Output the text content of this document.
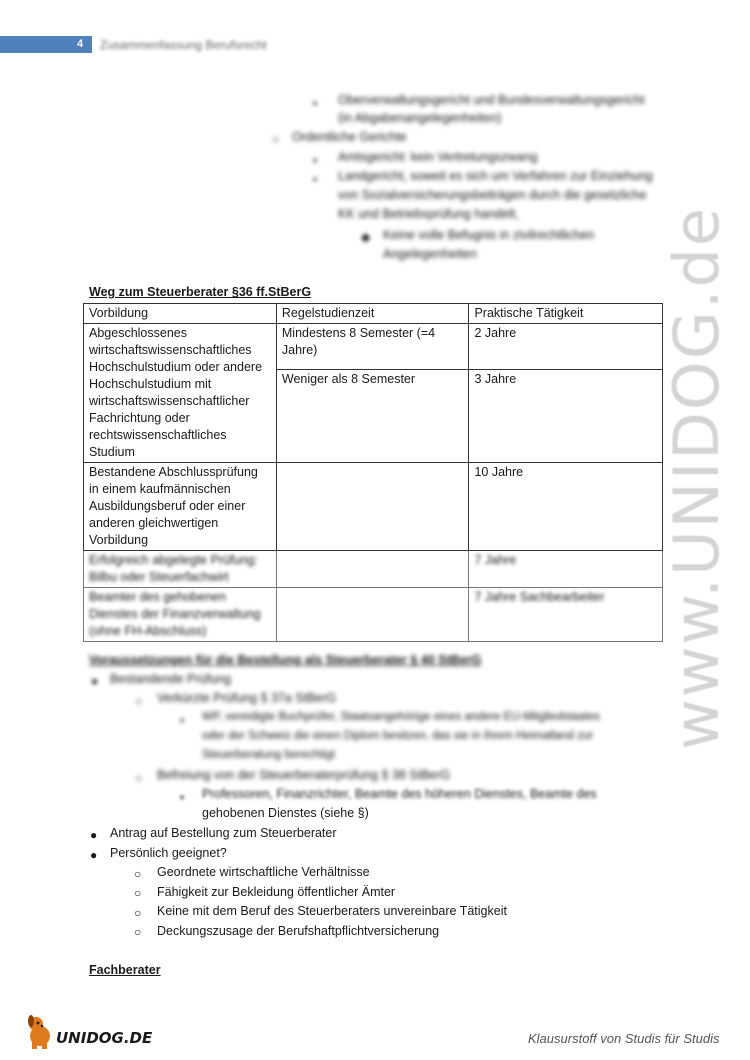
4	Zusammenfassung Berufsrecht
www.UNIDOG.de
▪ Oberverwaltungsgericht und Bundesverwaltungsgericht
(in Abgabenangelegenheiten)
○ Ordentliche Gerichte
▪ Amtsgericht: kein Vertretungszwang
▪ Landgericht, soweit es sich um Verfahren zur Einziehung
von Sozialversicherungsbeiträgen durch die gesetzliche
KK und Betriebsprüfung handelt,
◆ Keine volle Befugnis in zivilrechtlichen
Angelegenheiten
Weg zum Steuerberater §36 ff.StBerG
Vorbildung	Regelstudienzeit	Praktische Tätigkeit
Abgeschlossenes wirtschaftswissenschaftliches Hochschulstudium oder andere Hochschulstudium mit wirtschaftswissenschaftlicher Fachrichtung oder rechtswissenschaftliches Studium	Mindestens 8 Semester (=4 Jahre)	2 Jahre
	Weniger als 8 Semester	3 Jahre
Bestandene Abschlussprüfung in einem kaufmännischen Ausbildungsberuf oder einer anderen gleichwertigen Vorbildung		10 Jahre
Erfolgreich abgelegte Prüfung: Bilbu oder Steuerfachwirt		7 Jahre
Beamter des gehobenen Dienstes der Finanzverwaltung (ohne FH-Abschluss)		7 Jahre Sachbearbeiter
Voraussetzungen für die Bestellung als Steuerberater § 40 StBerG
● Bestandende Prüfung
○ Verkürzte Prüfung § 37a StBerG
▪ WP, vereidigte Buchprüfer, Staatsangehörige eines andere EU-Mitgliedstaates
oder der Schweiz die einen Diplom besitzen, das sie in ihrem Heimatland zur
Steuerberatung berechtigt
○ Befreiung von der Steuerberaterprüfung § 38 StBerG
▪ Professoren, Finanzrichter, Beamte des höheren Dienstes, Beamte des
gehobenen Dienstes (siehe §)
● Antrag auf Bestellung zum Steuerberater
● Persönlich geeignet?
○ Geordnete wirtschaftliche Verhältnisse
○ Fähigkeit zur Bekleidung öffentlicher Ämter
○ Keine mit dem Beruf des Steuerberaters unvereinbare Tätigkeit
○ Deckungszusage der Berufshaftpflichtversicherung
Fachberater
UNIDOG.DE	Klausurstoff von Studis für Studis
